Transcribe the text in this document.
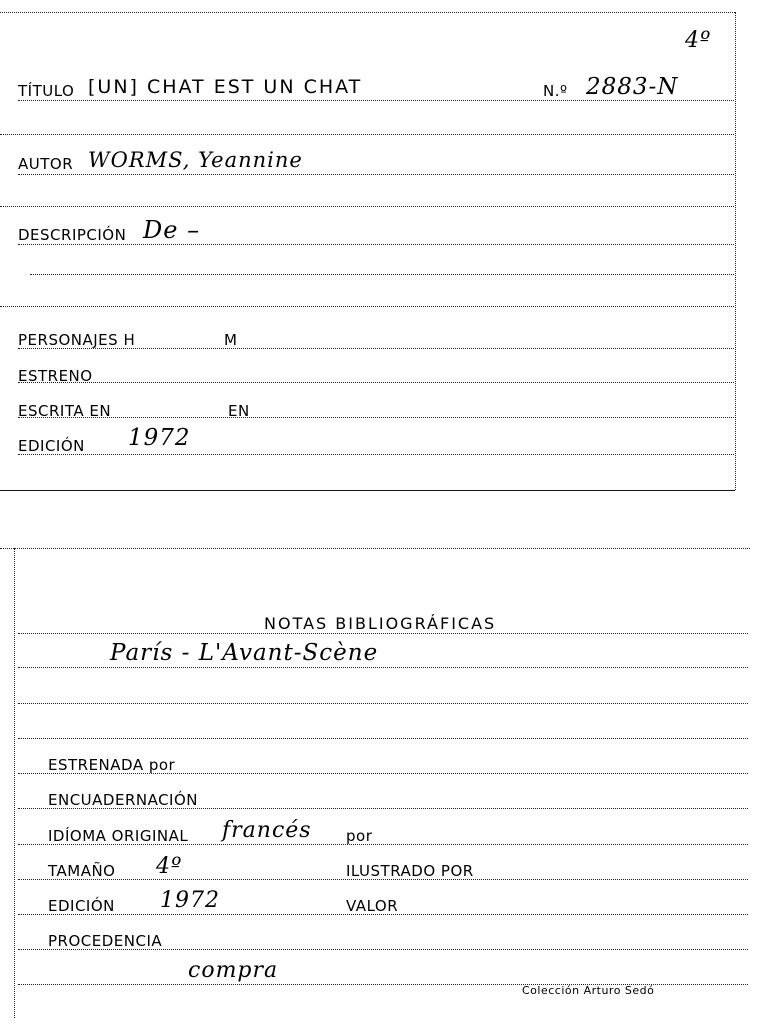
4º
TÍTULO [UN] CHAT EST UN CHAT	N.º 2883-N
AUTOR WORMS, Yeannine
DESCRIPCIÓN De –
PERSONAJES H	M
ESTRENO
ESCRITA EN	EN
EDICIÓN 1972
NOTAS BIBLIOGRÁFICAS
París - L'Avant-Scène
ESTRENADA por
ENCUADERNACIÓN
IDÍOMA ORIGINAL francés por
TAMAÑO 4º	ILUSTRADO POR
EDICIÓN 1972	VALOR
PROCEDENCIA
compra
Colección Arturo Sedó
